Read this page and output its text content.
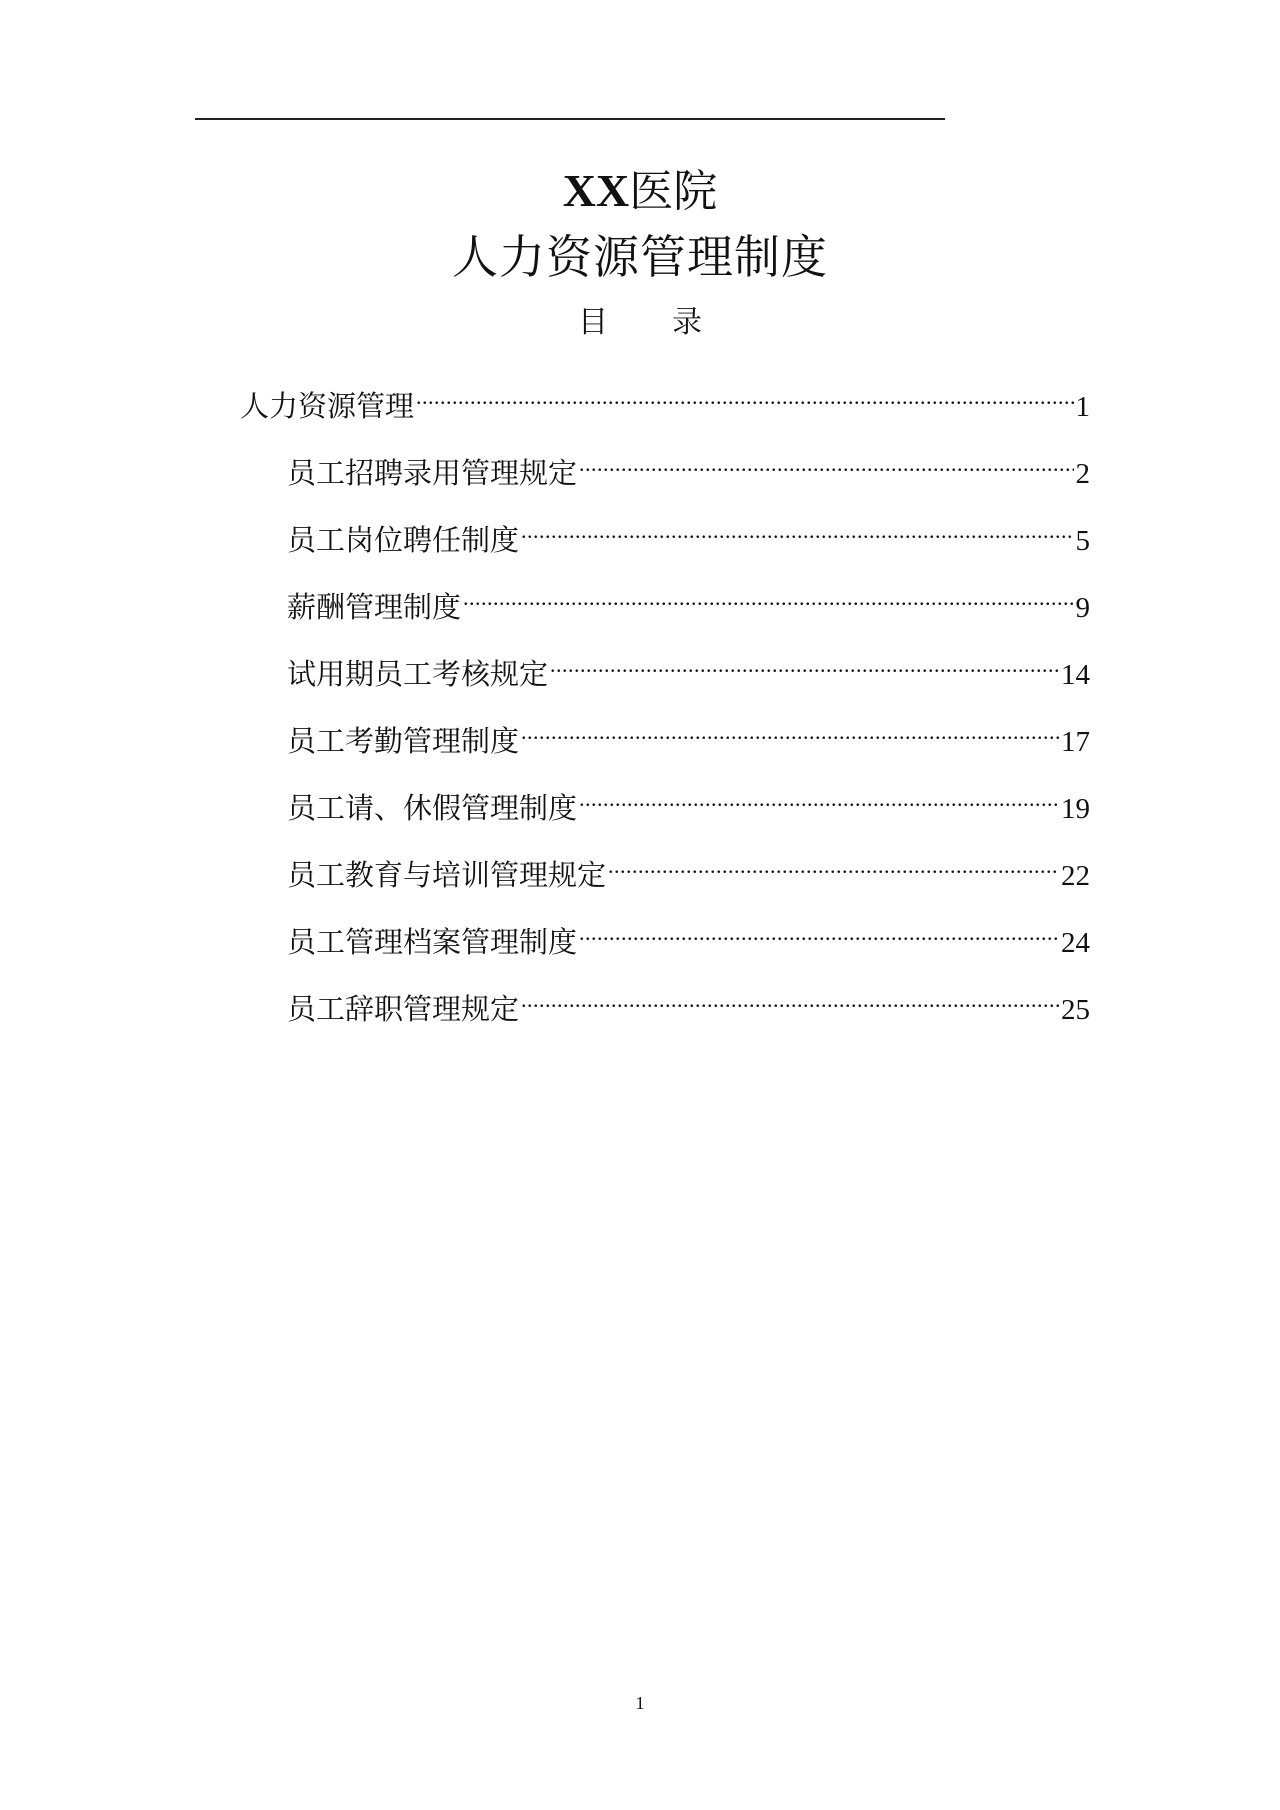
XX医院
人力资源管理制度
目 录
人力资源管理 .....	1
员工招聘录用管理规定 .....	2
员工岗位聘任制度 .....	5
薪酬管理制度 .....	9
试用期员工考核规定 .....	14
员工考勤管理制度 .....	17
员工请、休假管理制度 .....	19
员工教育与培训管理规定 .....	22
员工管理档案管理制度 .....	24
员工辞职管理规定 .....	25
1
